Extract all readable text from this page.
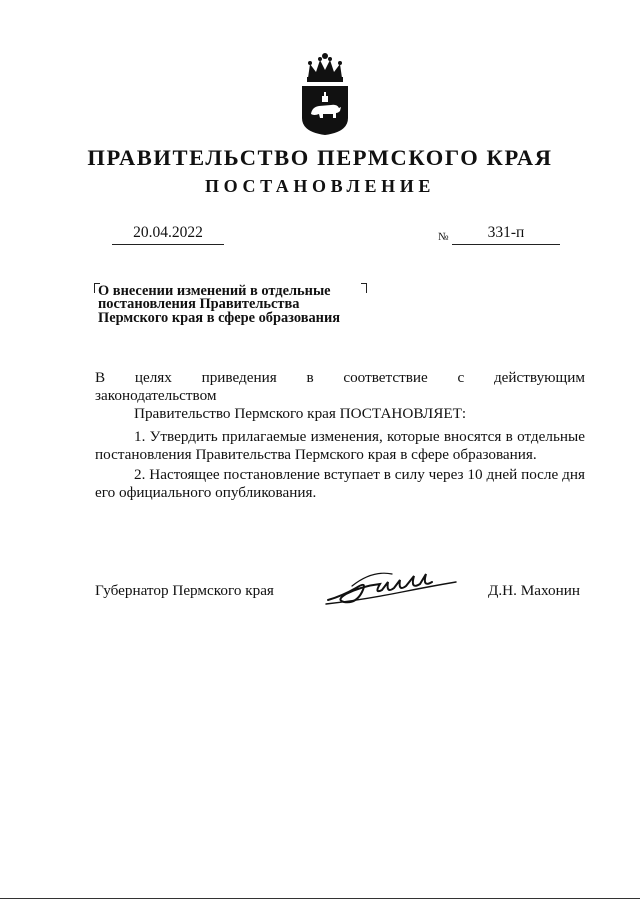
ПРАВИТЕЛЬСТВО ПЕРМСКОГО КРАЯ
ПОСТАНОВЛЕНИЕ
20.04.2022	№	331-п
О внесении изменений в отдельные
постановления Правительства
Пермского края в сфере образования
В целях приведения в соответствие с действующим
законодательством
Правительство Пермского края ПОСТАНОВЛЯЕТ:
1. Утвердить прилагаемые изменения, которые вносятся в отдельные
постановления Правительства Пермского края в сфере образования.
2. Настоящее постановление вступает в силу через 10 дней после дня
его официального опубликования.
Губернатор Пермского края	Д.Н. Махонин
